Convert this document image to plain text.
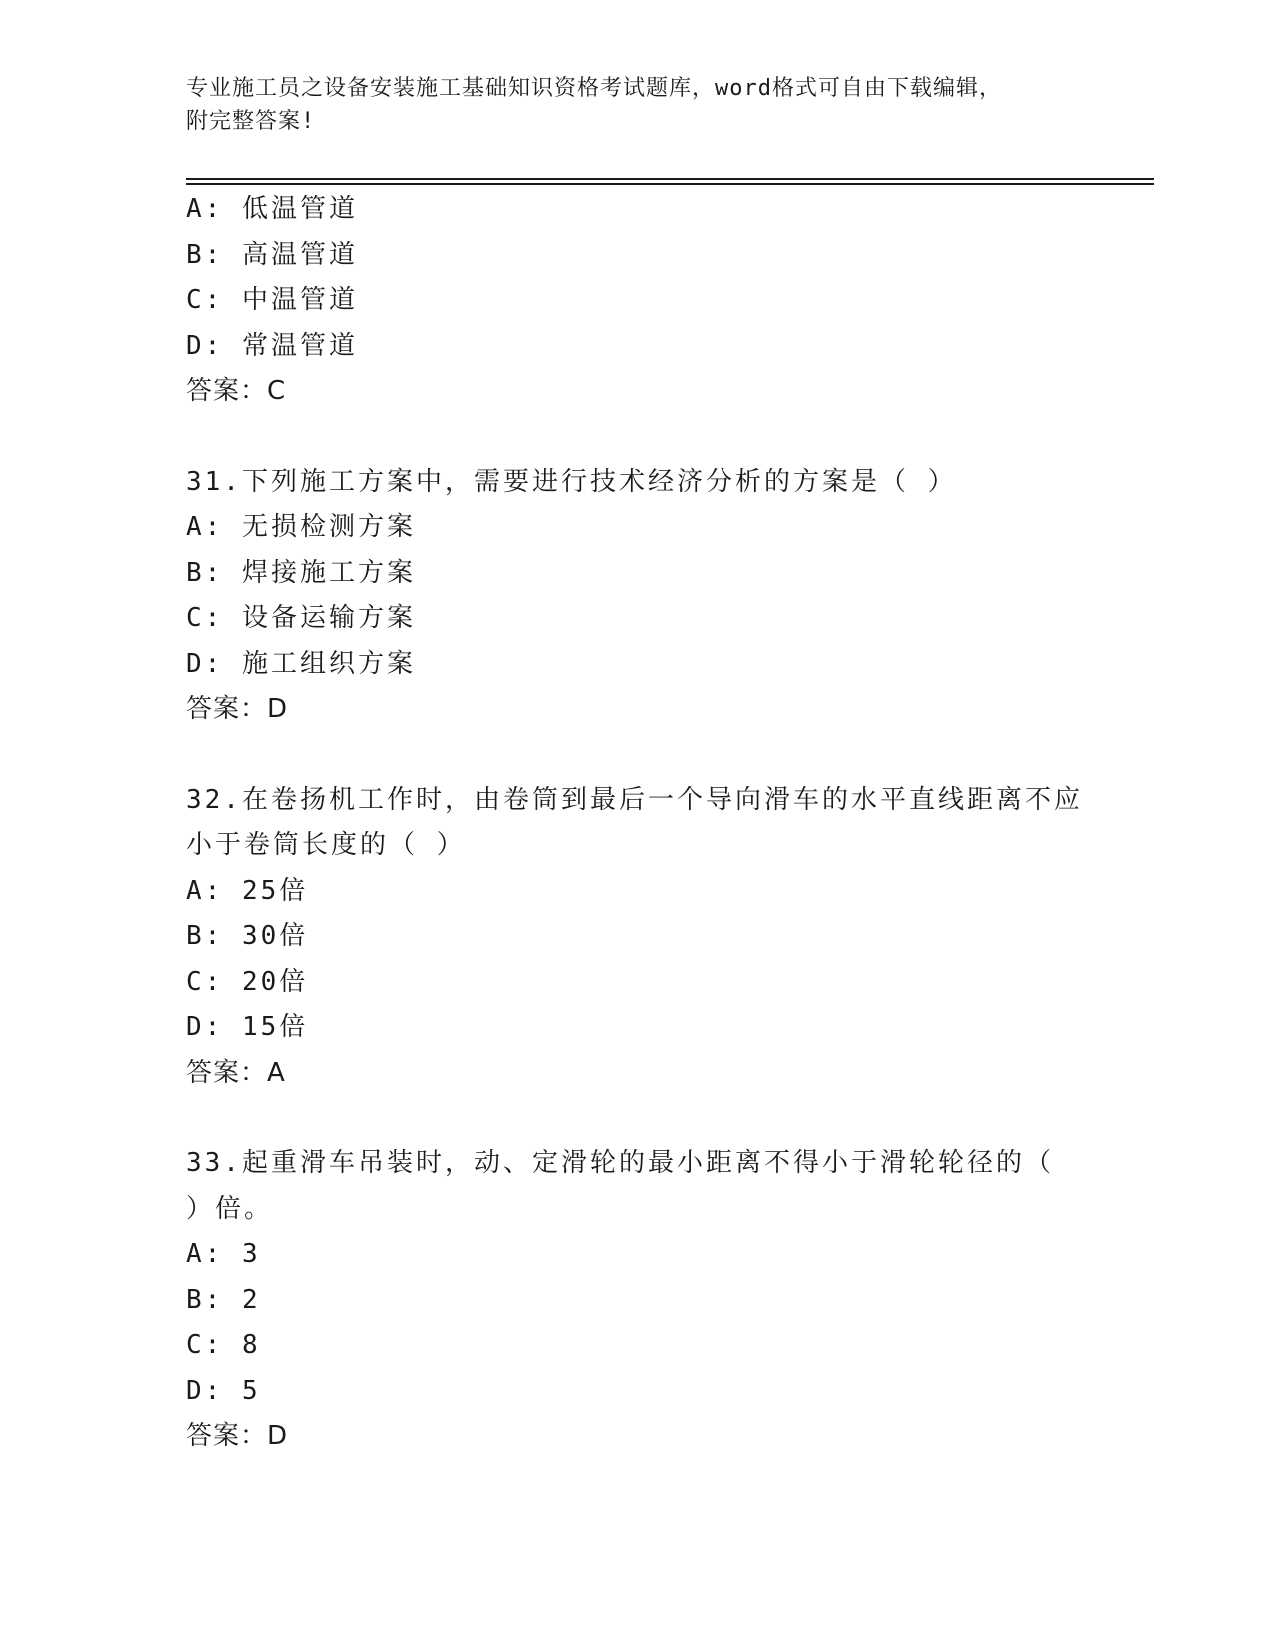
专业施工员之设备安装施工基础知识资格考试题库，word格式可自由下载编辑，
附完整答案!
A: 低温管道
B: 高温管道
C: 中温管道
D: 常温管道
答案：C
31.下列施工方案中，需要进行技术经济分析的方案是（ ）
A: 无损检测方案
B: 焊接施工方案
C: 设备运输方案
D: 施工组织方案
答案：D
32.在卷扬机工作时，由卷筒到最后一个导向滑车的水平直线距离不应
小于卷筒长度的（ ）
A: 25倍
B: 30倍
C: 20倍
D: 15倍
答案：A
33.起重滑车吊装时，动、定滑轮的最小距离不得小于滑轮轮径的（
）倍。
A: 3
B: 2
C: 8
D: 5
答案：D
